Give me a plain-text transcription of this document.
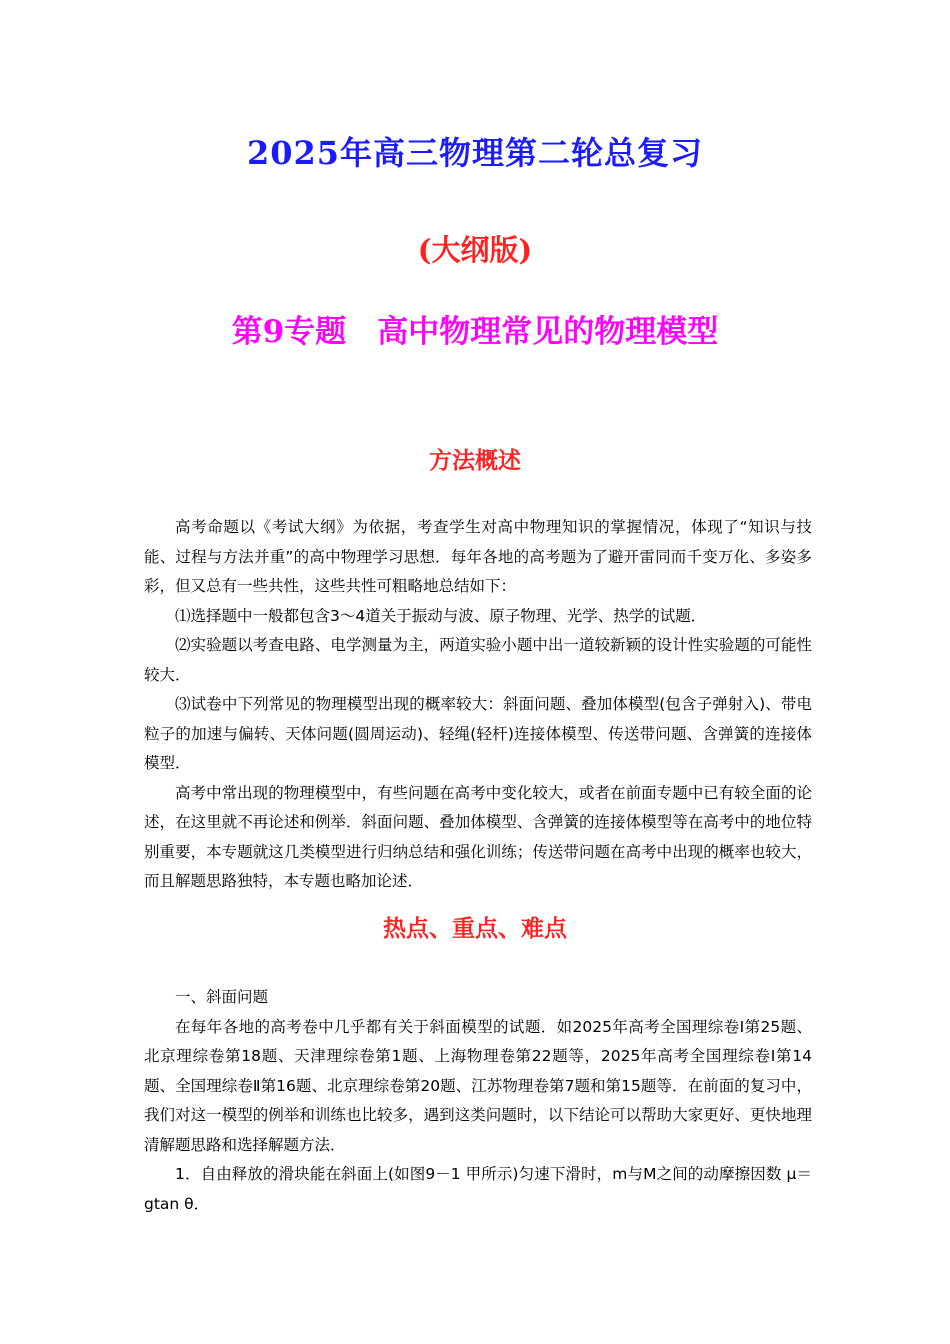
2025年高三物理第二轮总复习
(大纲版)
第9专题　高中物理常见的物理模型
方法概述

高考命题以《考试大纲》为依据，考查学生对高中物理知识的掌握情况，体现了“知识与技能、过程与方法并重”的高中物理学习思想．每年各地的高考题为了避开雷同而千变万化、多姿多彩，但又总有一些共性，这些共性可粗略地总结如下：

⑴选择题中一般都包含3～4道关于振动与波、原子物理、光学、热学的试题．

⑵实验题以考查电路、电学测量为主，两道实验小题中出一道较新颖的设计性实验题的可能性较大．

⑶试卷中下列常见的物理模型出现的概率较大：斜面问题、叠加体模型(包含子弹射入)、带电粒子的加速与偏转、天体问题(圆周运动)、轻绳(轻杆)连接体模型、传送带问题、含弹簧的连接体模型．

高考中常出现的物理模型中，有些问题在高考中变化较大，或者在前面专题中已有较全面的论述，在这里就不再论述和例举．斜面问题、叠加体模型、含弹簧的连接体模型等在高考中的地位特别重要，本专题就这几类模型进行归纳总结和强化训练；传送带问题在高考中出现的概率也较大，而且解题思路独特，本专题也略加论述．

热点、重点、难点

一、斜面问题

在每年各地的高考卷中几乎都有关于斜面模型的试题．如2025年高考全国理综卷Ⅰ第25题、北京理综卷第18题、天津理综卷第1题、上海物理卷第22题等，2025年高考全国理综卷Ⅰ第14题、全国理综卷Ⅱ第16题、北京理综卷第20题、江苏物理卷第7题和第15题等．在前面的复习中，我们对这一模型的例举和训练也比较多，遇到这类问题时，以下结论可以帮助大家更好、更快地理清解题思路和选择解题方法．

1．自由释放的滑块能在斜面上(如图9－1 甲所示)匀速下滑时，m与M之间的动摩擦因数 μ＝gtan θ．
